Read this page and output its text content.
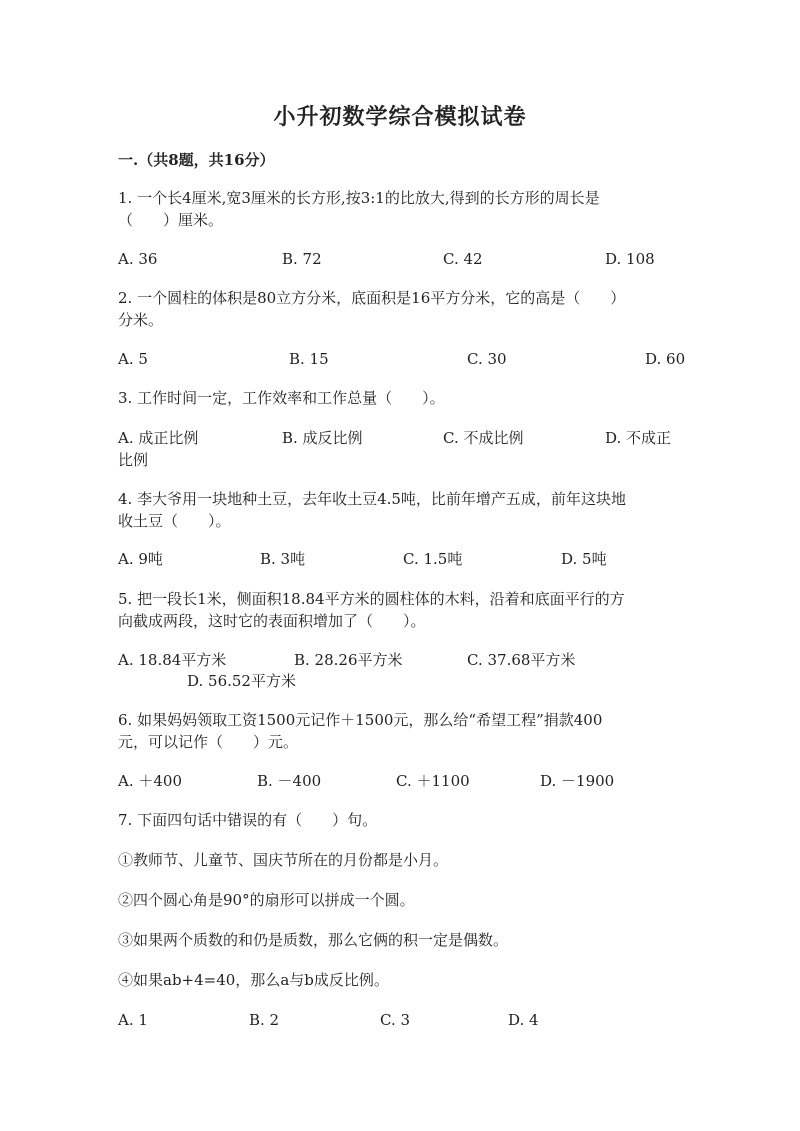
小升初数学综合模拟试卷
一.（共8题，共16分）
1. 一个长4厘米,宽3厘米的长方形,按3:1的比放大,得到的长方形的周长是
（　　）厘米。
A. 36	B. 72	C. 42	D. 108
2. 一个圆柱的体积是80立方分米，底面积是16平方分米，它的高是（　　）
分米。
A. 5	B. 15	C. 30	D. 60
3. 工作时间一定，工作效率和工作总量（　　）。
A. 成正比例	B. 成反比例	C. 不成比例	D. 不成正
比例
4. 李大爷用一块地种土豆，去年收土豆4.5吨，比前年增产五成，前年这块地
收土豆（　　）。
A. 9吨	B. 3吨	C. 1.5吨	D. 5吨
5. 把一段长1米，侧面积18.84平方米的圆柱体的木料，沿着和底面平行的方
向截成两段，这时它的表面积增加了（　　）。
A. 18.84平方米	B. 28.26平方米	C. 37.68平方米
D. 56.52平方米
6. 如果妈妈领取工资1500元记作＋1500元，那么给“希望工程”捐款400
元，可以记作（　　）元。
A. ＋400	B. －400	C. ＋1100	D. －1900
7. 下面四句话中错误的有（　　）句。
①教师节、儿童节、国庆节所在的月份都是小月。
②四个圆心角是90°的扇形可以拼成一个圆。
③如果两个质数的和仍是质数，那么它俩的积一定是偶数。
④如果ab+4=40，那么a与b成反比例。
A. 1	B. 2	C. 3	D. 4
